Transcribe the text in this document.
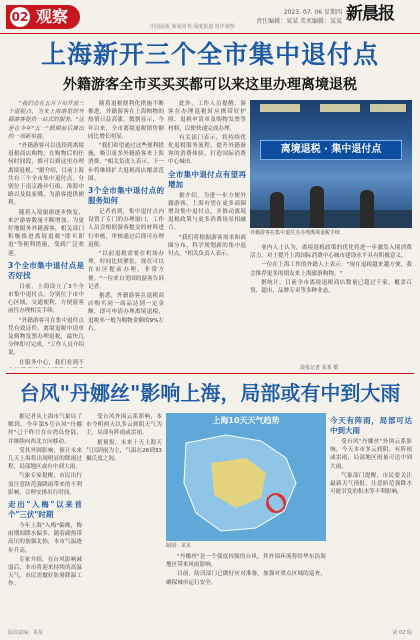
02 观察
中国晨报 新闻周刊 深度报道 时评观察
2023. 07. 06 星期四
责任编辑：某某 美术编辑：某某 新晨报
上海新开三个全市集中退付点
外籍游客全市买买买都可以来这里办理离境退税

"我们会在五月下旬开放三个退税点，为来上海游览的外籍游客提供一站式的服务。"这是在今年"五一"假期前后推出的一项新举措。

"外籍游客可以选择到离境退税商店购物，在购物后的任何时间段，都可以到这里办理离境退税。"据介绍，目前上海共有三个全市集中退付点，分别位于南京路步行街、淮海中路以及陆家嘴，为游客提供便利。

随着入境旅游逐步恢复，来沪游客数量不断增加。为更好地服务外籍游客，相关部门积极推进离境退税"即买即退"等便利措施，受到广泛欢迎。

3个全市集中退付点是否好找

目前，上海设立了3个全市集中退付点，分别位于市中心区域，交通便利，方便游客前往办理相关手续。

"外籍游客可在集中退付点凭有效证件、离境退税申请单及购物发票办理退税，最快几分钟即可完成。"工作人员介绍说。

在服务中心，我们看到不

随着退税便利化措施不断推进，外籍游客在上海购物的热情日益高涨。数据显示，今年以来，全市离境退税销售额同比增长明显。

"我们希望通过这些便利措施，吸引更多外籍游客来上海消费。"相关负责人表示，下一步将继续扩大退税商店覆盖范围。

3个全市集中退付点的服务如何

记者看到，集中退付点内设置了专门的办理窗口，工作人员会根据游客提交的材料进行审核，审核通过后即可办理退税。

"以前退税需要在机场办理，时间比较紧张，现在可以在市区提前办理，非常方便。"一位来自美国的游客告诉记者。

据悉，外籍游客在退税商店购买同一商品达到一定金额，即可申请办理离境退税，退税率一般为购物金额的9%左右。

此外，工作人员提醒，游客在办理退税时应携带好护照、退税申请单及购物发票等材料，以便快速完成办理。

有关部门表示，将持续优化退税服务流程，提升外籍游客的消费体验，打造国际消费中心城市。

全市集中退付点有望再增加

据介绍，为进一步方便外籍游客，上海有望在更多商圈增设集中退付点，并推动离境退税政策与更多消费场景相融合。

"我们将根据游客需求和商圈分布，科学规划新的集中退付点。"相关负责人表示。

离境退税 · 集中退付点
外籍游客在集中退付点办理离境退税手续

业内人士认为，离境退税政策的优化将进一步激发入境消费活力，对于提升上海国际消费中心城市建设水平具有积极意义。

一位在上海工作的外籍人士表示："现在退税越来越方便，我会推荐更多的朋友来上海旅游购物。"

据统计，目前全市离境退税商店数量已超过千家，覆盖百货、超市、品牌专卖等多种业态。

晨报记者 某某 摄
台风"丹娜丝"影响上海，局部或有中到大雨

据记者从上海市气象局了解到，今年第5号台风"丹娜丝"已于昨日在台湾岛登陆，并继续向西北方向移动。

受其外围影响，预计未来几天上海将出现明显的降雨过程，局部地区或有中到大雨。

气象专家提醒，市民出行需注意防范强降雨带来的不利影响，合理安排出行时间。

走出"入梅"以来首个"三伏"时期

今年上海"入梅"偏晚，梅雨期间降水偏多。随着副热带高压的加强北抬，本市气温逐步升高。

专家介绍，在台风影响减弱后，本市将迎来持续的高温天气，市民需做好防暑降温工作。

受台风外围云系影响，本市今明两天以多云到阴天气为主，局部有阵雨或雷雨。

据预报，未来十天上海天气以阴雨为主，气温在26到33摄氏度之间。

上海10天天气趋势
制图：某某

"丹娜丝"是一个强度较强的台风，其外围环流将给华东沿海地区带来风雨影响。

目前，防汛部门已做好应对准备，加强对重点区域的巡查，确保城市运行安全。

今天有阵雨，局部可达中到大雨

受台风"丹娜丝"外围云系影响，今天本市多云到阴，有阵雨或雷雨，局部地区雨量可达中到大雨。

气象部门提醒，市民要关注最新天气预报，注意防范强降水可能引发的积水等不利影响。

版面责编：某某	第 02 版
